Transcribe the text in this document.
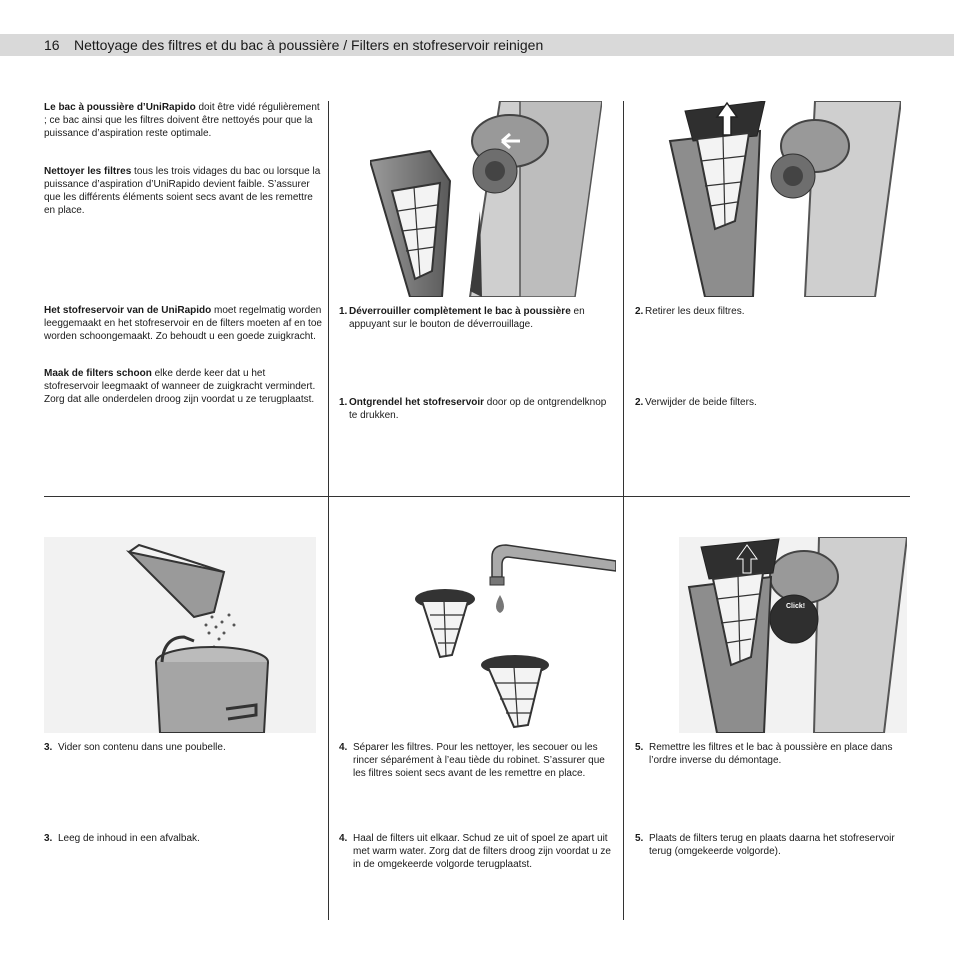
16 Nettoyage des filtres et du bac à poussière / Filters en stofreservoir reinigen
Le bac à poussière d’UniRapido doit être vidé régulièrement ; ce bac ainsi que les filtres doivent être nettoyés pour que la puissance d’aspiration reste optimale.
Nettoyer les filtres tous les trois vidages du bac ou lorsque la puissance d’aspiration d’UniRapido devient faible. S’assurer que les différents éléments soient secs avant de les remettre en place.
Het stofreservoir van de UniRapido moet regelmatig worden leeggemaakt en het stofreservoir en de filters moeten af en toe worden schoongemaakt. Zo behoudt u een goede zuigkracht.
Maak de filters schoon elke derde keer dat u het stofreservoir leegmaakt of wanneer de zuigkracht vermindert. Zorg dat alle onderdelen droog zijn voordat u ze terugplaatst.
1. Déverrouiller complètement le bac à poussière en appuyant sur le bouton de déverrouillage.
1. Ontgrendel het stofreservoir door op de ontgrendelknop te drukken.
2. Retirer les deux filtres.
2. Verwijder de beide filters.
Click!
3. Vider son contenu dans une poubelle.
3. Leeg de inhoud in een afvalbak.
4. Séparer les filtres. Pour les nettoyer, les secouer ou les rincer séparément à l’eau tiède du robinet. S’assurer que les filtres soient secs avant de les remettre en place.
4. Haal de filters uit elkaar. Schud ze uit of spoel ze apart uit met warm water. Zorg dat de filters droog zijn voordat u ze in de omgekeerde volgorde terugplaatst.
5. Remettre les filtres et le bac à poussière en place dans l’ordre inverse du démontage.
5. Plaats de filters terug en plaats daarna het stofreservoir terug (omgekeerde volgorde).
